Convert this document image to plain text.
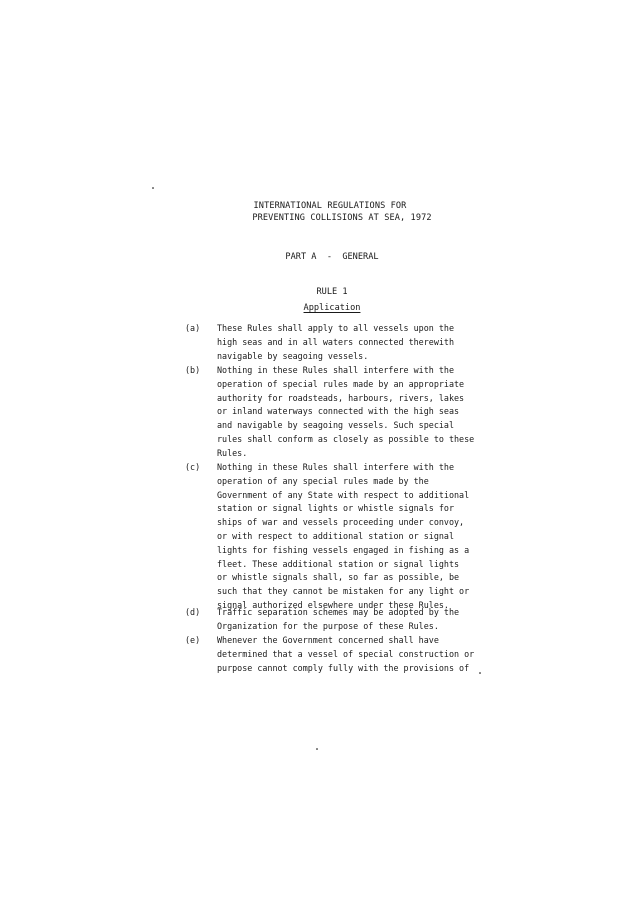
INTERNATIONAL REGULATIONS FOR
PREVENTING COLLISIONS AT SEA, 1972
PART A  -  GENERAL
RULE 1
Application
(a) These Rules shall apply to all vessels upon the
high seas and in all waters connected therewith
navigable by seagoing vessels.
(b) Nothing in these Rules shall interfere with the
operation of special rules made by an appropriate
authority for roadsteads, harbours, rivers, lakes
or inland waterways connected with the high seas
and navigable by seagoing vessels. Such special
rules shall conform as closely as possible to these
Rules.
(c) Nothing in these Rules shall interfere with the
operation of any special rules made by the
Government of any State with respect to additional
station or signal lights or whistle signals for
ships of war and vessels proceeding under convoy,
or with respect to additional station or signal
lights for fishing vessels engaged in fishing as a
fleet. These additional station or signal lights
or whistle signals shall, so far as possible, be
such that they cannot be mistaken for any light or
signal authorized elsewhere under these Rules.
(d) Traffic separation schemes may be adopted by the
Organization for the purpose of these Rules.
(e) Whenever the Government concerned shall have
determined that a vessel of special construction or
purpose cannot comply fully with the provisions of
